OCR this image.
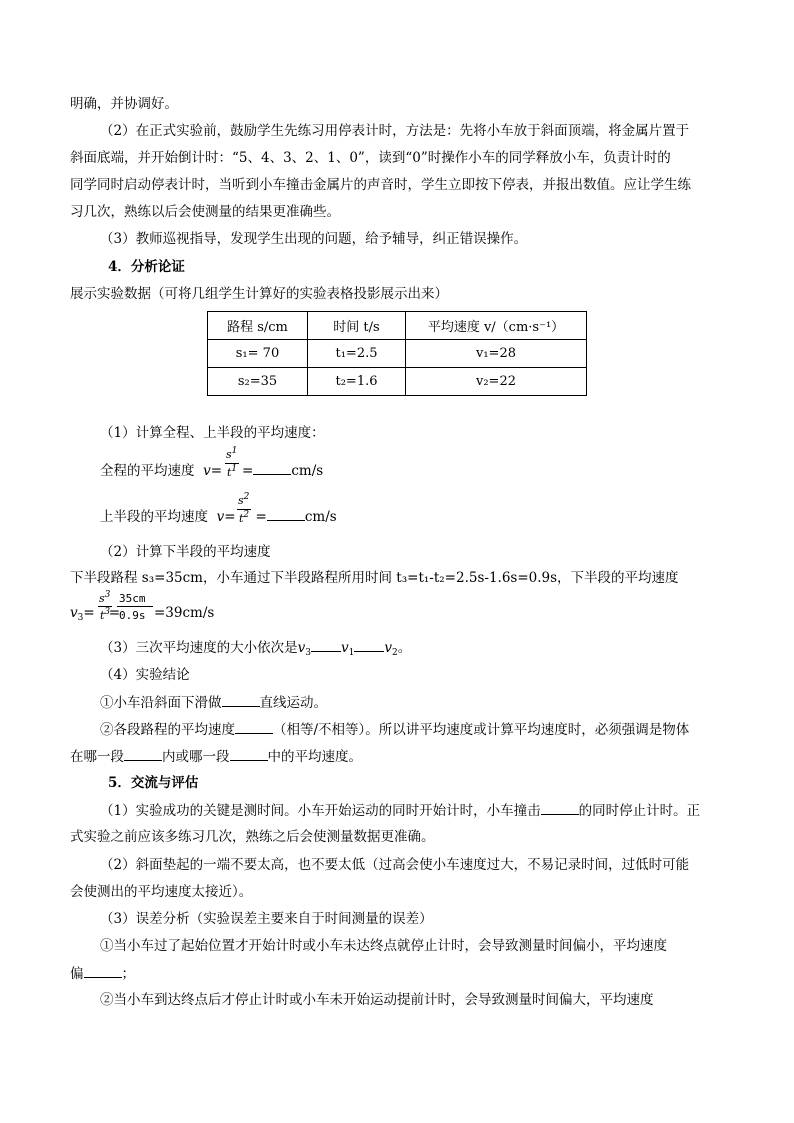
明确，并协调好。
（2）在正式实验前，鼓励学生先练习用停表计时，方法是：先将小车放于斜面顶端，将金属片置于
斜面底端，并开始倒计时：“5、4、3、2、1、0”，读到“0”时操作小车的同学释放小车，负责计时的
同学同时启动停表计时，当听到小车撞击金属片的声音时，学生立即按下停表，并报出数值。应让学生练
习几次，熟练以后会使测量的结果更准确些。
（3）教师巡视指导，发现学生出现的问题，给予辅导，纠正错误操作。
4．分析论证
展示实验数据（可将几组学生计算好的实验表格投影展示出来）
路程 s/cm	时间 t/s	平均速度 v/（cm·s⁻¹）
s₁= 70	t₁=2.5	v₁=28
s₂=35	t₂=1.6	v₂=22
（1）计算全程、上半段的平均速度：
全程的平均速度 v= =	cm/s
$s^1$
$t^1$
上半段的平均速度 v= =	cm/s
$s^2$
$t^2$
（2）计算下半段的平均速度
下半段路程 s₃=35cm，小车通过下半段路程所用时间 t₃=t₁-t₂=2.5s-1.6s=0.9s，下半段的平均速度
$v_3=$ =	=39cm/s
$s^3$
$t^3$
35cm
0.9s
（3）三次平均速度的大小依次是$v_3$ $v_1$ $v_2$。
（4）实验结论
①小车沿斜面下滑做	直线运动。
②各段路程的平均速度	（相等/不相等）。所以讲平均速度或计算平均速度时，必须强调是物体
在哪一段	内或哪一段	中的平均速度。
5．交流与评估
（1）实验成功的关键是测时间。小车开始运动的同时开始计时，小车撞击	的同时停止计时。正
式实验之前应该多练习几次，熟练之后会使测量数据更准确。
（2）斜面垫起的一端不要太高，也不要太低（过高会使小车速度过大，不易记录时间，过低时可能
会使测出的平均速度太接近）。
（3）误差分析（实验误差主要来自于时间测量的误差）
①当小车过了起始位置才开始计时或小车未达终点就停止计时，会导致测量时间偏小，平均速度
偏	；
②当小车到达终点后才停止计时或小车未开始运动提前计时，会导致测量时间偏大，平均速度
